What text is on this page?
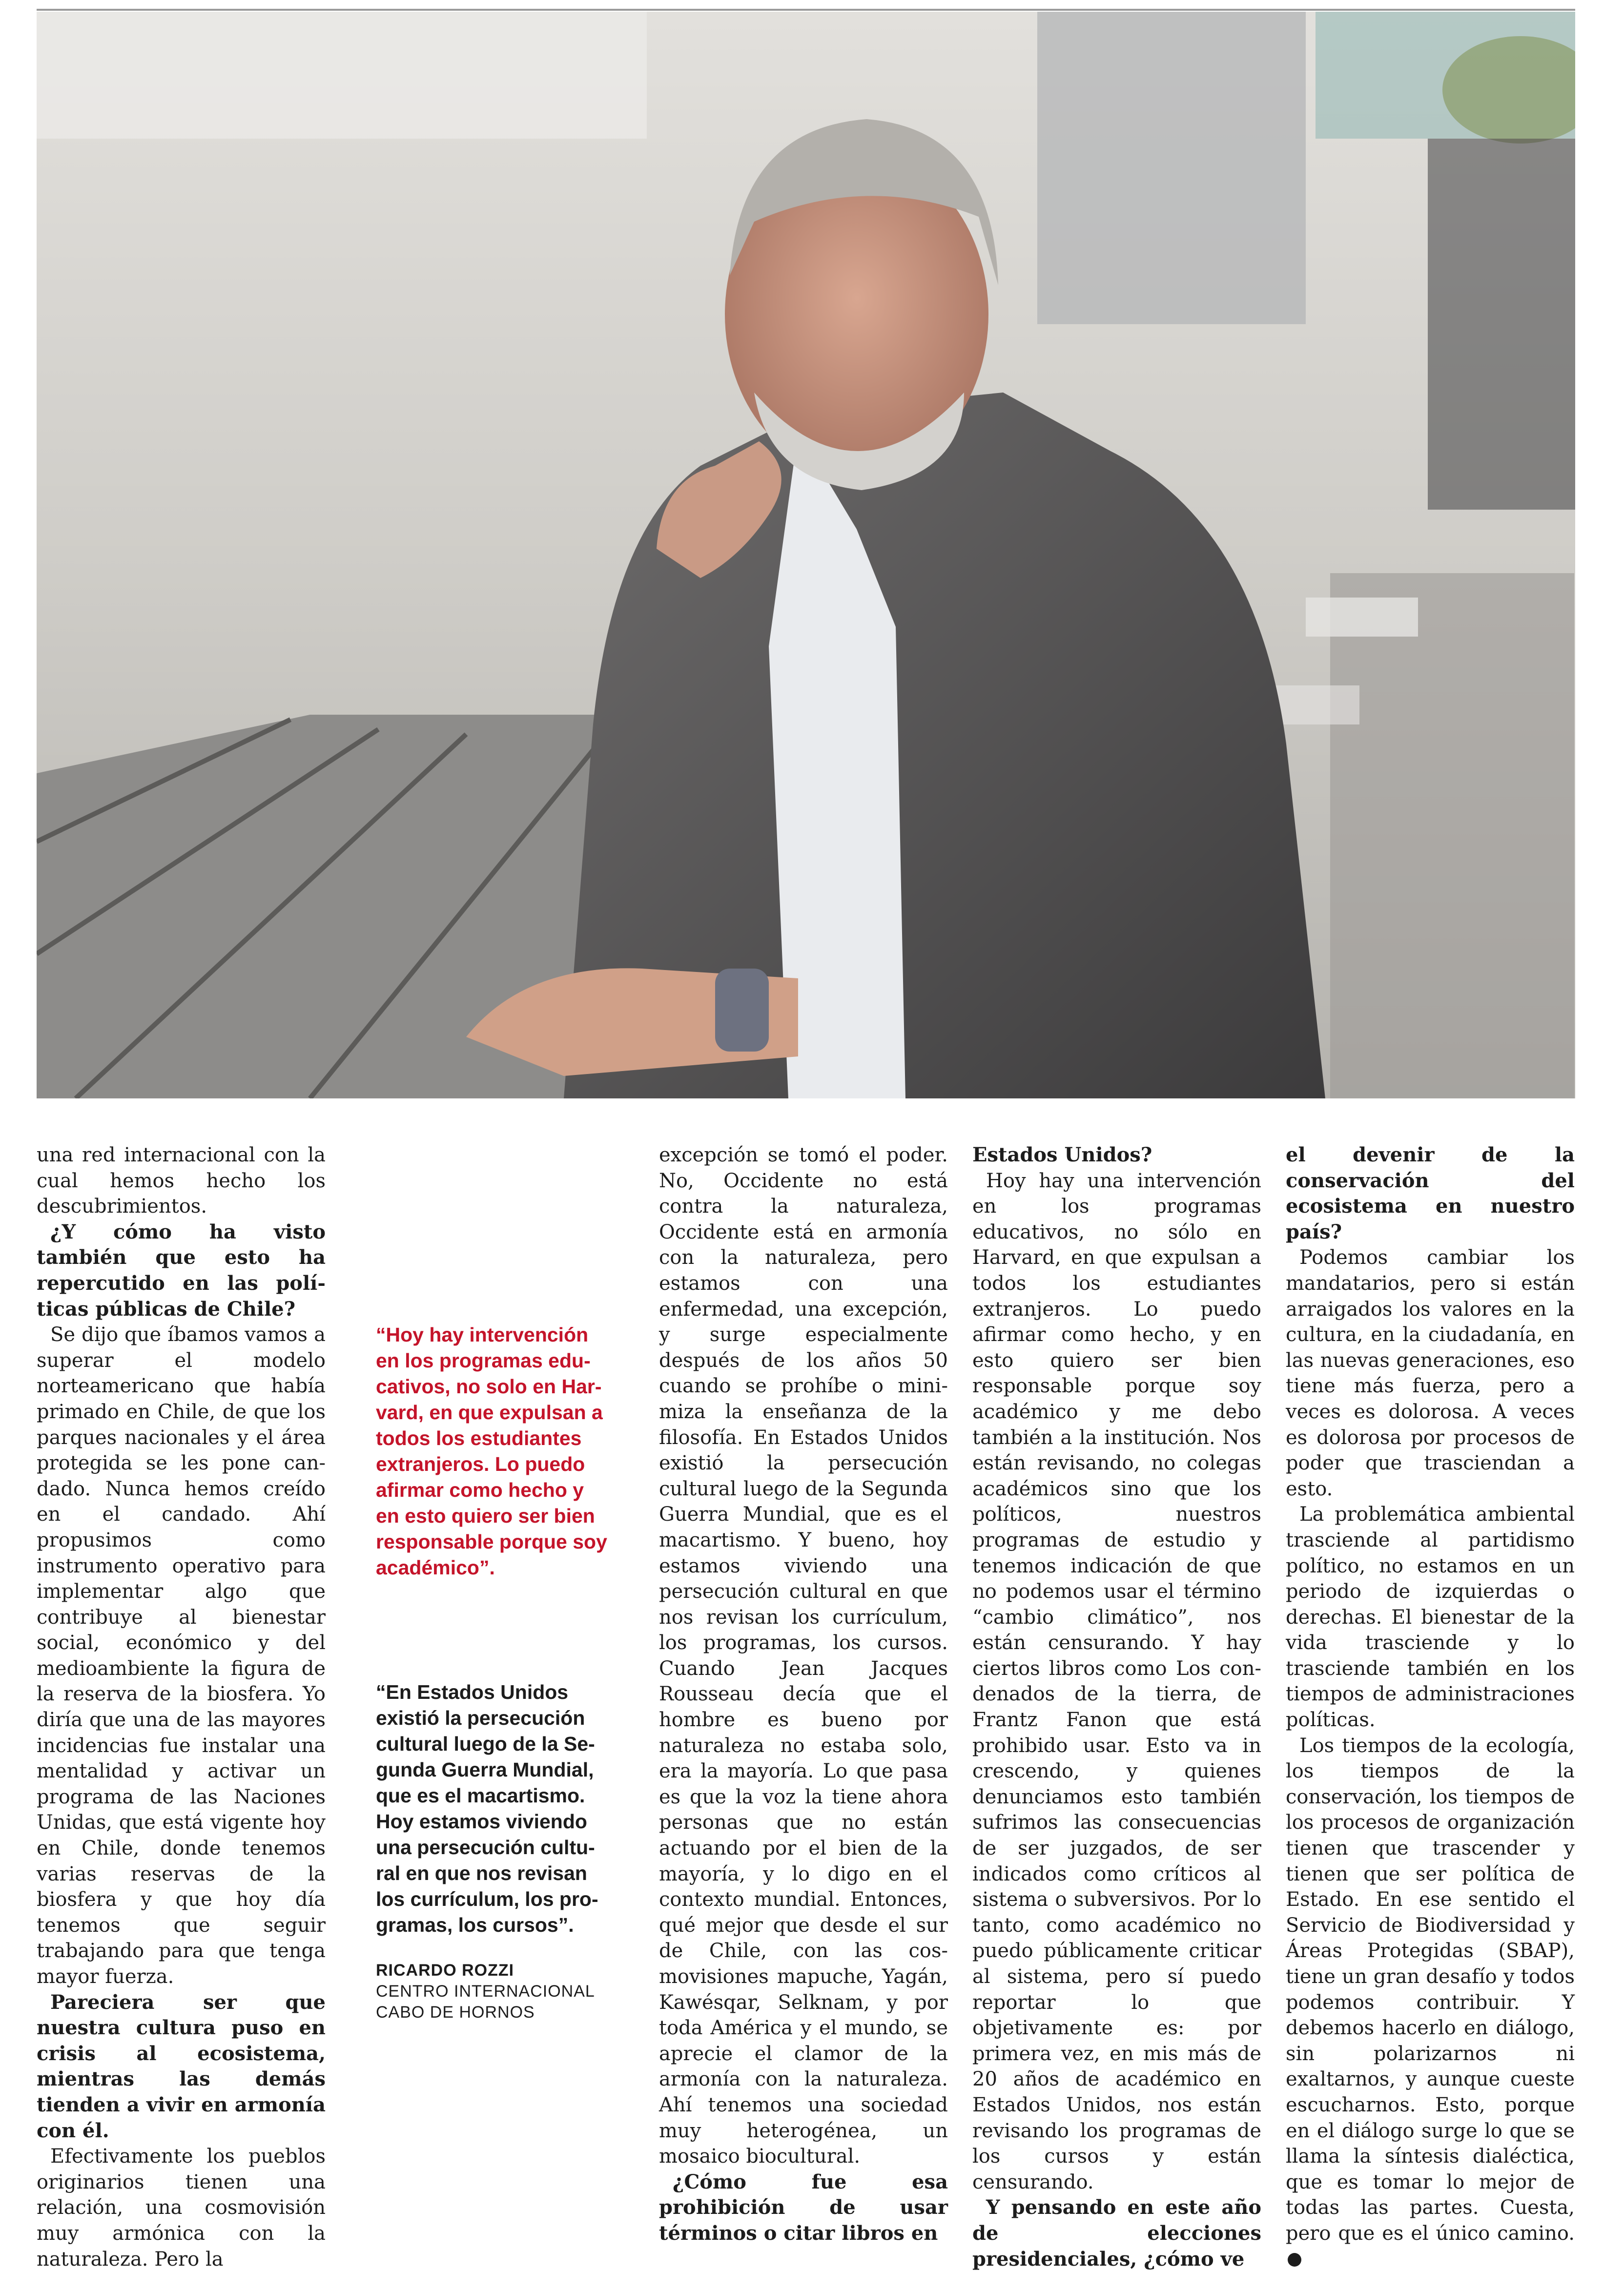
una red internacional con la cual hemos hecho los descubrimientos.

¿Y cómo ha visto también que esto ha repercutido en las políticas públicas de Chile?

Se dijo que íbamos vamos a superar el modelo norteamericano que había primado en Chile, de que los parques nacionales y el área protegida se les pone candado. Nunca hemos creído en el candado. Ahí propusimos como instrumento operativo para implementar algo que contribuye al bienestar social, económico y del medioambiente la figura de la reserva de la biosfera. Yo diría que una de las mayores incidencias fue instalar una mentalidad y activar un programa de las Naciones Unidas, que está vigente hoy en Chile, donde tenemos varias reservas de la biosfera y que hoy día tenemos que seguir trabajando para que tenga mayor fuerza.

Pareciera ser que nuestra cultura puso en crisis al ecosistema, mientras las demás tienden a vivir en armonía con él.

Efectivamente los pueblos originarios tienen una relación, una cosmovisión muy armónica con la naturaleza. Pero la

“Hoy hay intervención en los programas educativos, no solo en Harvard, en que expulsan a todos los estudiantes extranjeros. Lo puedo afirmar como hecho y en esto quiero ser bien responsable porque soy académico”.
“En Estados Unidos existió la persecución cultural luego de la Segunda Guerra Mundial, que es el macartismo. Hoy estamos viviendo una persecución cultural en que nos revisan los currículum, los programas, los cursos”.
RICARDO ROZZI
CENTRO INTERNACIONAL
CABO DE HORNOS

excepción se tomó el poder. No, Occidente no está contra la naturaleza, Occidente está en armonía con la naturaleza, pero estamos con una enfermedad, una excepción, y surge especialmente después de los años 50 cuando se prohíbe o minimiza la enseñanza de la filosofía. En Estados Unidos existió la persecución cultural luego de la Segunda Guerra Mundial, que es el macartismo. Y bueno, hoy estamos viviendo una persecución cultural en que nos revisan los currículum, los programas, los cursos. Cuando Jean Jacques Rousseau decía que el hombre es bueno por naturaleza no estaba solo, era la mayoría. Lo que pasa es que la voz la tiene ahora personas que no están actuando por el bien de la mayoría, y lo digo en el contexto mundial. Entonces, qué mejor que desde el sur de Chile, con las cosmovisiones mapuche, Yagán, Kawésqar, Selknam, y por toda América y el mundo, se aprecie el clamor de la armonía con la naturaleza. Ahí tenemos una sociedad muy heterogénea, un mosaico biocultural.

¿Cómo fue esa prohibición de usar términos o citar libros en

Estados Unidos?

Hoy hay una intervención en los programas educativos, no sólo en Harvard, en que expulsan a todos los estudiantes extranjeros. Lo puedo afirmar como hecho, y en esto quiero ser bien responsable porque soy académico y me debo también a la institución. Nos están revisando, no colegas académicos sino que los políticos, nuestros programas de estudio y tenemos indicación de que no podemos usar el término “cambio climático”, nos están censurando. Y hay ciertos libros como Los condenados de la tierra, de Frantz Fanon que está prohibido usar. Esto va in crescendo, y quienes denunciamos esto también sufrimos las consecuencias de ser juzgados, de ser indicados como críticos al sistema o subversivos. Por lo tanto, como académico no puedo públicamente criticar al sistema, pero sí puedo reportar lo que objetivamente es: por primera vez, en mis más de 20 años de académico en Estados Unidos, nos están revisando los programas de los cursos y están censurando.

Y pensando en este año de elecciones presidenciales, ¿cómo ve

el devenir de la conservación del ecosistema en nuestro país?

Podemos cambiar los mandatarios, pero si están arraigados los valores en la cultura, en la ciudadanía, en las nuevas generaciones, eso tiene más fuerza, pero a veces es dolorosa. A veces es dolorosa por procesos de poder que trasciendan a esto.

La problemática ambiental trasciende al partidismo político, no estamos en un periodo de izquierdas o derechas. El bienestar de la vida trasciende y lo trasciende también en los tiempos de administraciones políticas.

Los tiempos de la ecología, los tiempos de la conservación, los tiempos de los procesos de organización tienen que trascender y tienen que ser política de Estado. En ese sentido el Servicio de Biodiversidad y Áreas Protegidas (SBAP), tiene un gran desafío y todos podemos contribuir. Y debemos hacerlo en diálogo, sin polarizarnos ni exaltarnos, y aunque cueste escucharnos. Esto, porque en el diálogo surge lo que se llama la síntesis dialéctica, que es tomar lo mejor de todas las partes. Cuesta, pero que es el único camino.
